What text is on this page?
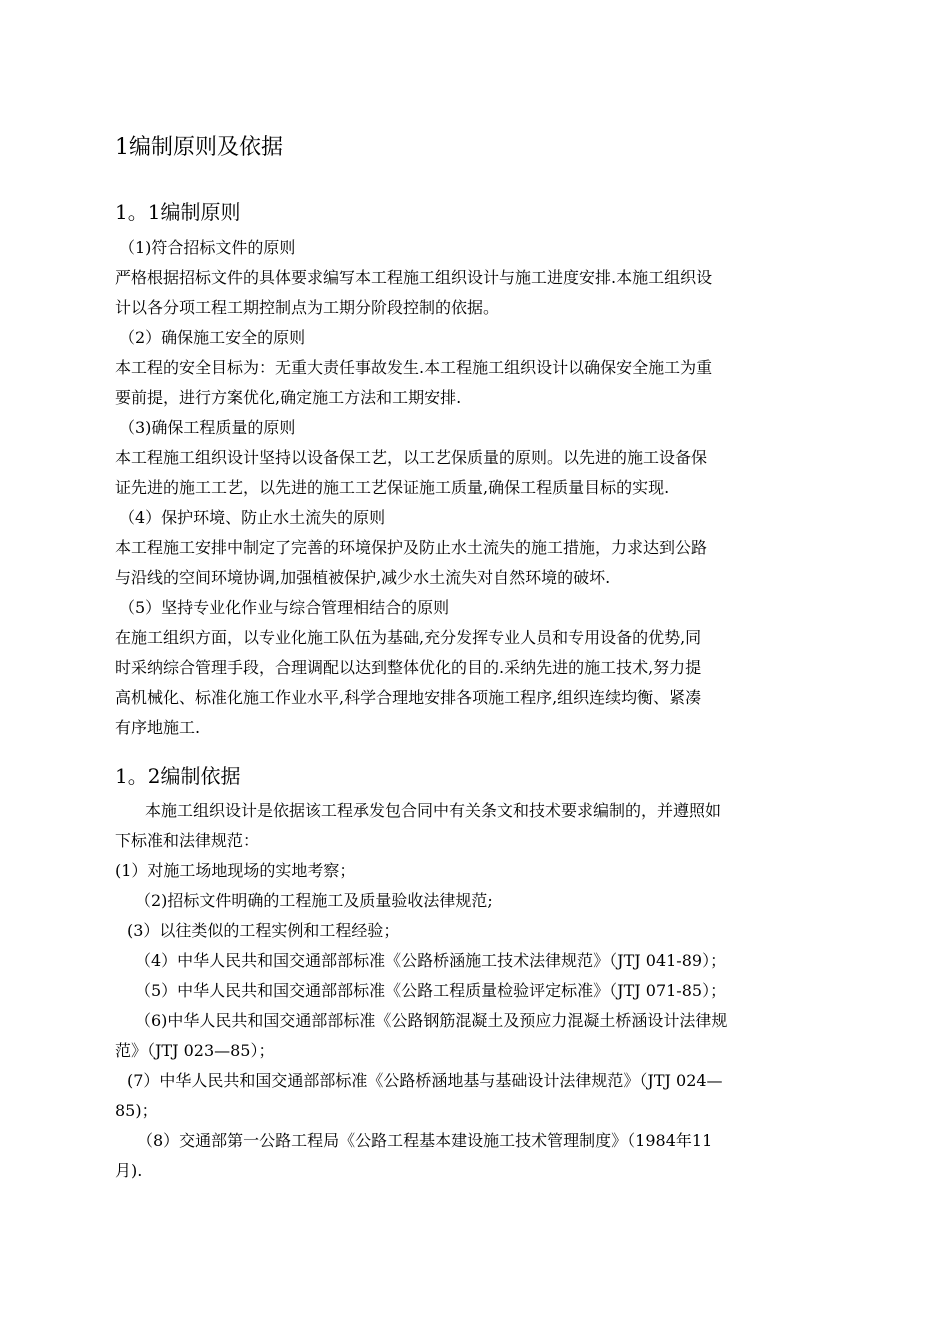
1编制原则及依据
1。1编制原则
（1)符合招标文件的原则
严格根据招标文件的具体要求编写本工程施工组织设计与施工进度安排.本施工组织设
计以各分项工程工期控制点为工期分阶段控制的依据。
（2）确保施工安全的原则
本工程的安全目标为：无重大责任事故发生.本工程施工组织设计以确保安全施工为重
要前提，进行方案优化,确定施工方法和工期安排.
（3)确保工程质量的原则
本工程施工组织设计坚持以设备保工艺，以工艺保质量的原则。以先进的施工设备保
证先进的施工工艺，以先进的施工工艺保证施工质量,确保工程质量目标的实现.
（4）保护环境、防止水土流失的原则
本工程施工安排中制定了完善的环境保护及防止水土流失的施工措施，力求达到公路
与沿线的空间环境协调,加强植被保护,减少水土流失对自然环境的破坏.
（5）坚持专业化作业与综合管理相结合的原则
在施工组织方面，以专业化施工队伍为基础,充分发挥专业人员和专用设备的优势,同
时采纳综合管理手段，合理调配以达到整体优化的目的.采纳先进的施工技术,努力提
高机械化、标准化施工作业水平,科学合理地安排各项施工程序,组织连续均衡、紧凑
有序地施工.
1。2编制依据
本施工组织设计是依据该工程承发包合同中有关条文和技术要求编制的，并遵照如
下标准和法律规范：
(1）对施工场地现场的实地考察；
（2)招标文件明确的工程施工及质量验收法律规范;
(3）以往类似的工程实例和工程经验；
（4）中华人民共和国交通部部标准《公路桥涵施工技术法律规范》（JTJ 041-89）；
（5）中华人民共和国交通部部标准《公路工程质量检验评定标准》（JTJ 071-85）；
（6)中华人民共和国交通部部标准《公路钢筋混凝土及预应力混凝土桥涵设计法律规
范》（JTJ 023—85）；
(7）中华人民共和国交通部部标准《公路桥涵地基与基础设计法律规范》（JTJ 024—
85)；
（8）交通部第一公路工程局《公路工程基本建设施工技术管理制度》（1984年11
月).
